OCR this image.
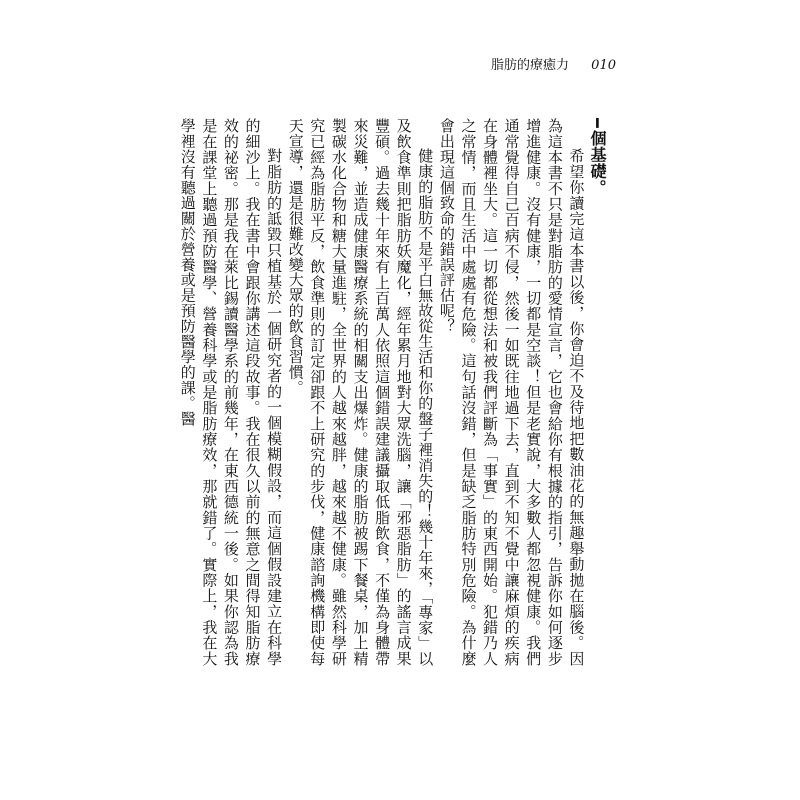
脂肪的療癒力 010

━ 個基礎。

希望你讀完這本書以後，你會迫不及待地把數油花的無趣舉動拋在腦後。因為這本書不只是對脂肪的愛情宣言，它也會給你有根據的指引，告訴你如何逐步增進健康。沒有健康，一切都是空談！但是老實說，大多數人都忽視健康。我們通常覺得自己百病不侵，然後一如既往地過下去，直到不知不覺中讓麻煩的疾病在身體裡坐大。這一切都從想法和被我們評斷為「事實」的東西開始。犯錯乃人之常情，而且生活中處處有危險。這句話沒錯，但是缺乏脂肪特別危險。為什麼會出現這個致命的錯誤評估呢？

健康的脂肪不是平白無故從生活和你的盤子裡消失的！幾十年來，「專家」以及飲食準則把脂肪妖魔化，經年累月地對大眾洗腦，讓「邪惡脂肪」的謠言成果豐碩。過去幾十年來有上百萬人依照這個錯誤建議攝取低脂飲食，不僅為身體帶來災難，並造成健康醫療系統的相關支出爆炸。健康的脂肪被踢下餐桌，加上精製碳水化合物和糖大量進駐，全世界的人越來越胖，越來越不健康。雖然科學研究已經為脂肪平反，飲食準則的訂定卻跟不上研究的步伐，健康諮詢機構即使每天宣導，還是很難改變大眾的飲食習慣。

對脂肪的詆毀只植基於一個研究者的一個模糊假設，而這個假設建立在科學的細沙上。我在書中會跟你講述這段故事。我在很久以前的無意之間得知脂肪療效的祕密。那是我在萊比錫讀醫學系的前幾年，在東西德統一後。如果你認為我是在課堂上聽過預防醫學、營養科學或是脂肪療效，那就錯了。實際上，我在大學裡沒有聽過關於營養或是預防醫學的課。醫
